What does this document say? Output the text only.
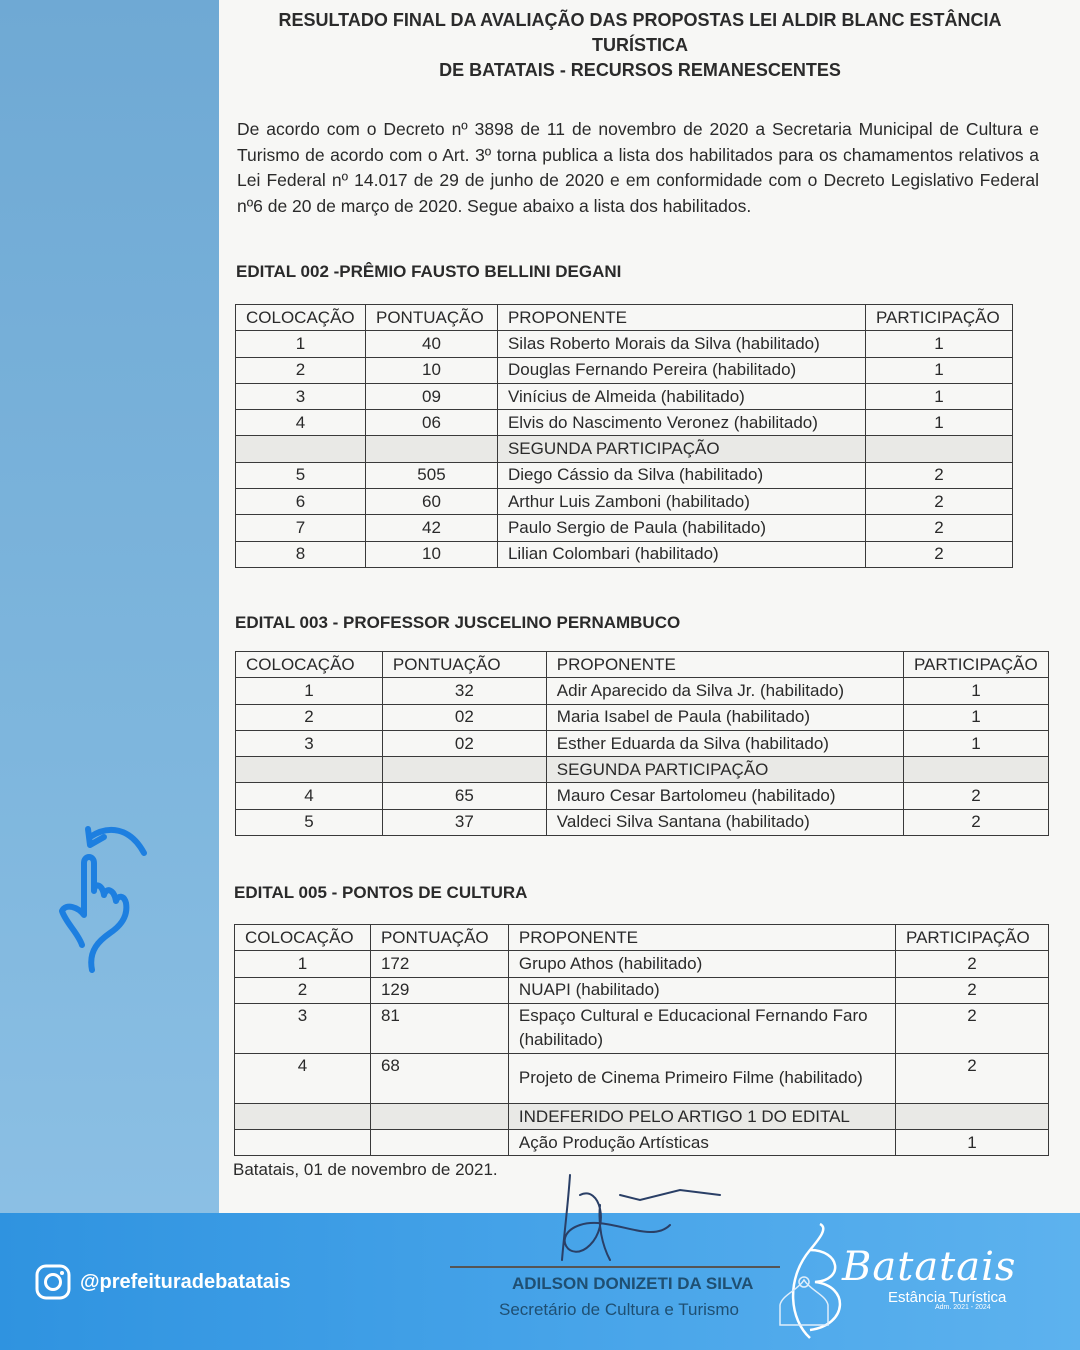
RESULTADO FINAL DA AVALIAÇÃO DAS PROPOSTAS LEI ALDIR BLANC ESTÂNCIA TURÍSTICA
DE BATATAIS - RECURSOS REMANESCENTES

De acordo com o Decreto nº 3898 de 11 de novembro de 2020 a Secretaria Municipal de Cultura e Turismo de acordo com o Art. 3º torna publica a lista dos habilitados para os chamamentos relativos a Lei Federal nº 14.017 de 29 de junho de 2020 e em conformidade com o Decreto Legislativo Federal nº6 de 20 de março de 2020. Segue abaixo a lista dos habilitados.

EDITAL 002 -PRÊMIO FAUSTO BELLINI DEGANI
COLOCAÇÃO	PONTUAÇÃO	PROPONENTE	PARTICIPAÇÃO
1	40	Silas Roberto Morais da Silva (habilitado)	1
2	10	Douglas Fernando Pereira (habilitado)	1
3	09	Vinícius de Almeida (habilitado)	1
4	06	Elvis do Nascimento Veronez (habilitado)	1
		SEGUNDA PARTICIPAÇÃO	
5	505	Diego Cássio da Silva (habilitado)	2
6	60	Arthur Luis Zamboni (habilitado)	2
7	42	Paulo Sergio de Paula (habilitado)	2
8	10	Lilian Colombari (habilitado)	2
EDITAL 003 - PROFESSOR JUSCELINO PERNAMBUCO
COLOCAÇÃO	PONTUAÇÃO	PROPONENTE	PARTICIPAÇÃO
1	32	Adir Aparecido da Silva Jr. (habilitado)	1
2	02	Maria Isabel de Paula (habilitado)	1
3	02	Esther Eduarda da Silva (habilitado)	1
		SEGUNDA PARTICIPAÇÃO	
4	65	Mauro Cesar Bartolomeu (habilitado)	2
5	37	Valdeci Silva Santana (habilitado)	2
EDITAL 005 - PONTOS DE CULTURA
COLOCAÇÃO	PONTUAÇÃO	PROPONENTE	PARTICIPAÇÃO
1	172	Grupo Athos (habilitado)	2
2	129	NUAPI (habilitado)	2
3	81	Espaço Cultural e Educacional Fernando Faro (habilitado)	2
4	68	Projeto de Cinema Primeiro Filme (habilitado)	2
		INDEFERIDO PELO ARTIGO 1 DO EDITAL	
		Ação Produção Artísticas	1
Batatais, 01 de novembro de 2021.
ADILSON DONIZETI DA SILVA
Secretário de Cultura e Turismo
@prefeituradebatatais	Batatais
Estância Turística
Adm. 2021 - 2024
